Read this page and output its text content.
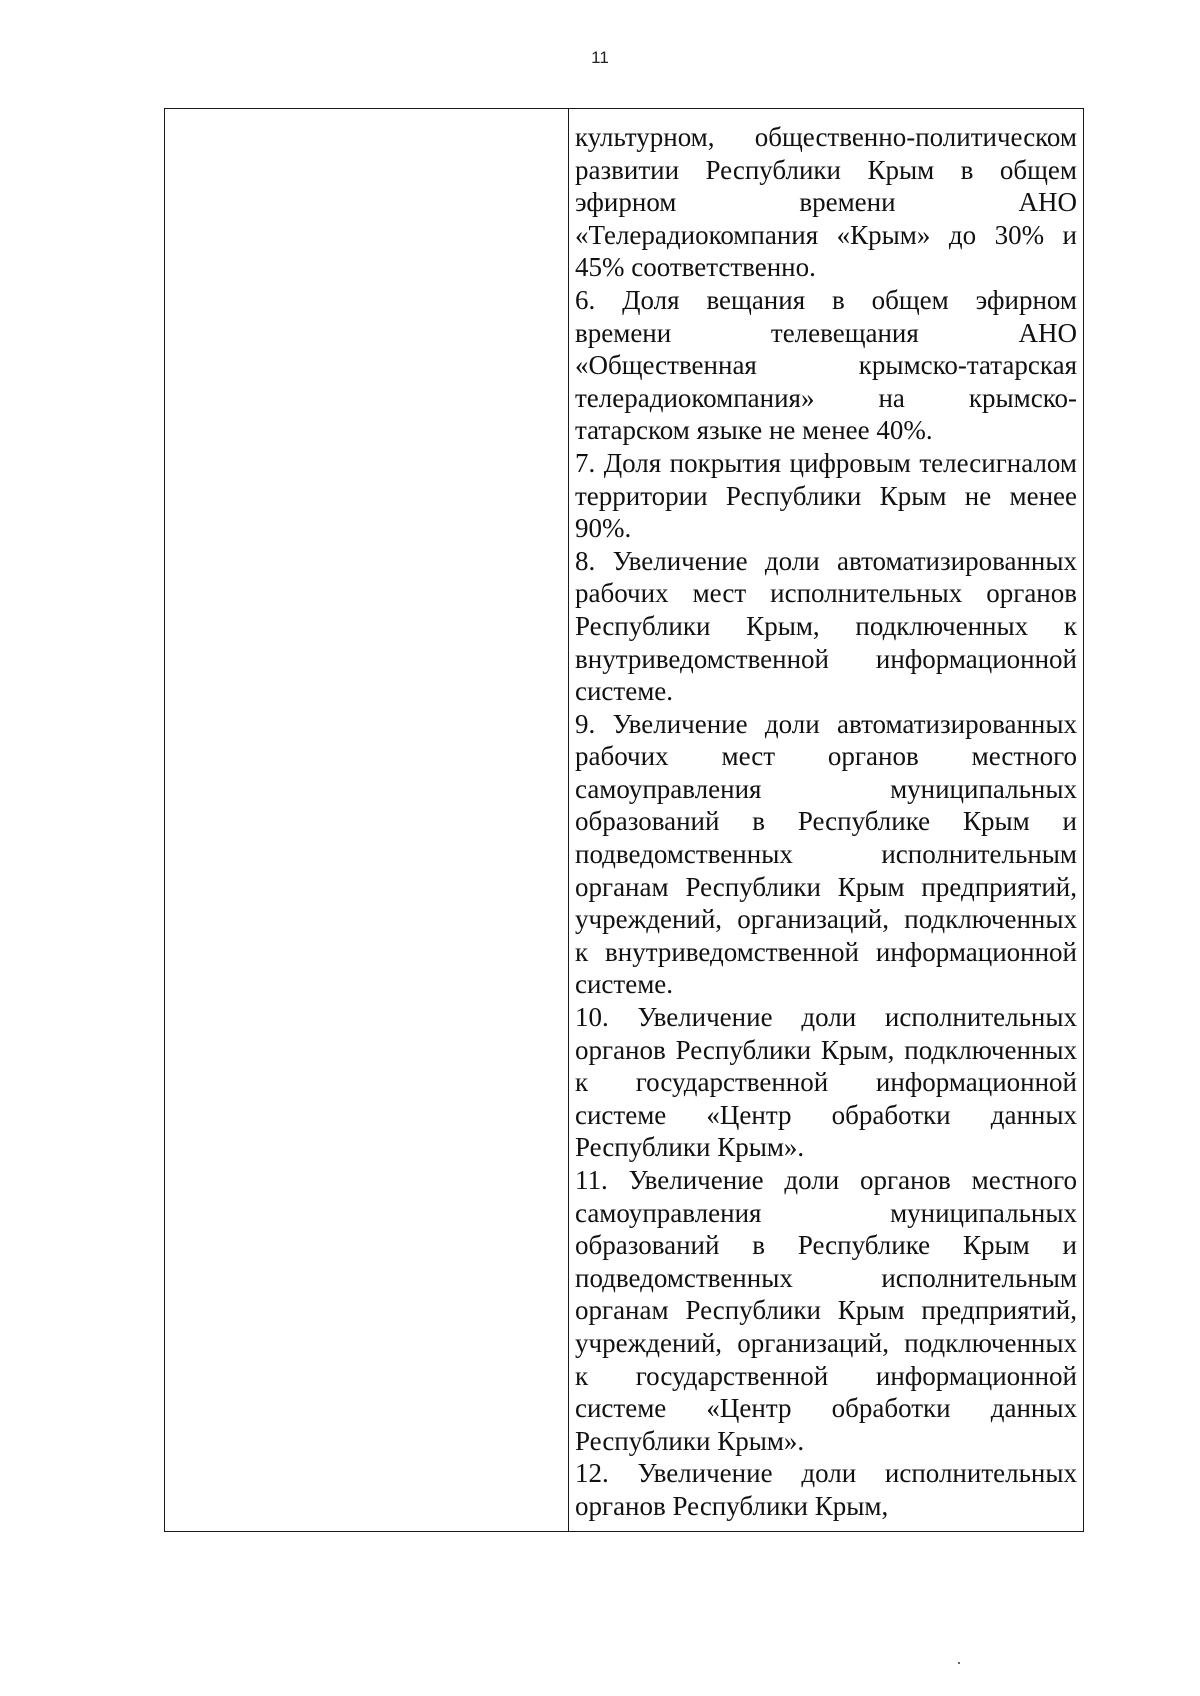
11

культурном, общественно-политическом развитии Республики Крым в общем эфирном времени АНО «Телерадиокомпания «Крым» до 30% и 45% соответственно.

6. Доля вещания в общем эфирном времени телевещания АНО «Общественная крымско-татарская телерадиокомпания» на крымско-татарском языке не менее 40%.

7. Доля покрытия цифровым телесигналом территории Республики Крым не менее 90%.

8. Увеличение доли автоматизированных рабочих мест исполнительных органов Республики Крым, подключенных к внутриведомственной информационной системе.

9. Увеличение доли автоматизированных рабочих мест органов местного самоуправления муниципальных образований в Республике Крым и подведомственных исполнительным органам Республики Крым предприятий, учреждений, организаций, подключенных к внутриведомственной информационной системе.

10. Увеличение доли исполнительных органов Республики Крым, подключенных к государственной информационной системе «Центр обработки данных Республики Крым».

11. Увеличение доли органов местного самоуправления муниципальных образований в Республике Крым и подведомственных исполнительным органам Республики Крым предприятий, учреждений, организаций, подключенных к государственной информационной системе «Центр обработки данных Республики Крым».

12. Увеличение доли исполнительных органов Республики Крым,
